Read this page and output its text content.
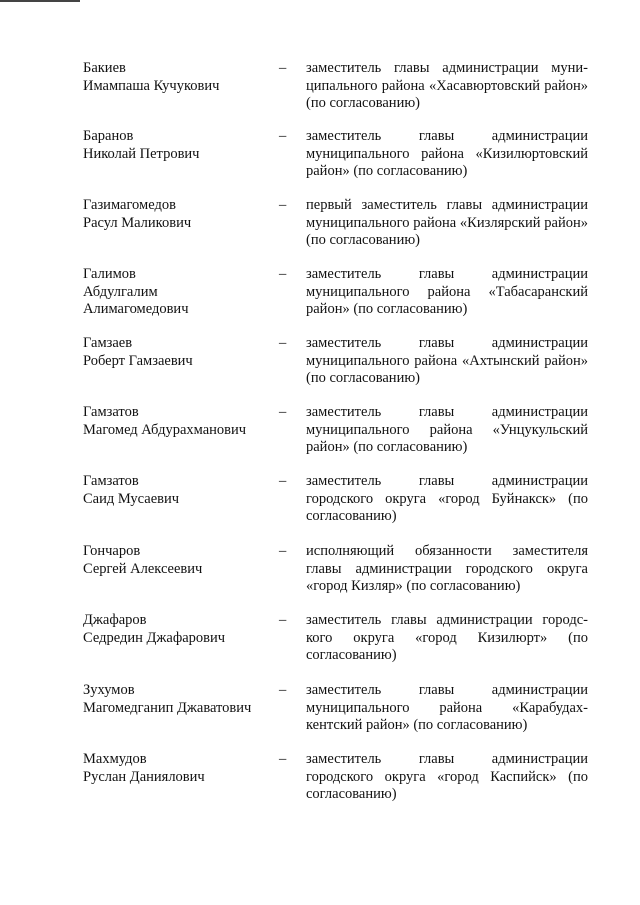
Бакиев
Имампаша Кучукович
–	заместитель главы администрации муни-ципального района «Хасавюртовский район» (по согласованию)
Баранов
Николай Петрович
–	заместитель главы администрации муниципального района «Кизилюртовский район» (по согласованию)
Газимагомедов
Расул Маликович
–	первый заместитель главы администрации муниципального района «Кизлярский район» (по согласованию)
Галимов
Абдулгалим
Алимагомедович
–	заместитель главы администрации муниципального района «Табасаранский район» (по согласованию)
Гамзаев
Роберт Гамзаевич
–	заместитель главы администрации муниципального района «Ахтынский район» (по согласованию)
Гамзатов
Магомед Абдурахманович
–	заместитель главы администрации муниципального района «Унцукульский район» (по согласованию)
Гамзатов
Саид Мусаевич
–	заместитель главы администрации городского округа «город Буйнакск» (по согласованию)
Гончаров
Сергей Алексеевич
–	исполняющий обязанности заместителя главы администрации городского округа «город Кизляр» (по согласованию)
Джафаров
Седредин Джафарович
–	заместитель главы администрации городс-кого округа «город Кизилюрт» (по согласованию)
Зухумов
Магомедганип Джаватович
–	заместитель главы администрации муниципального района «Карабудах-кентский район» (по согласованию)
Махмудов
Руслан Даниялович
–	заместитель главы администрации городского округа «город Каспийск» (по согласованию)
